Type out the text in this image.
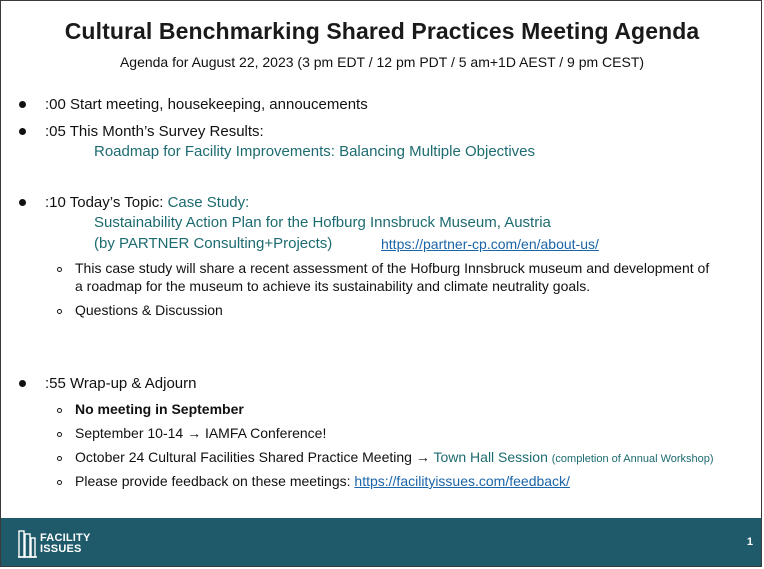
Cultural Benchmarking Shared Practices Meeting Agenda
Agenda for August 22, 2023 (3 pm EDT / 12 pm PDT / 5 am+1D AEST / 9 pm CEST)
:00 Start meeting, housekeeping, annoucements
:05 This Month’s Survey Results:
Roadmap for Facility Improvements: Balancing Multiple Objectives
:10 Today’s Topic: Case Study:
Sustainability Action Plan for the Hofburg Innsbruck Museum, Austria
(by PARTNER Consulting+Projects)	https://partner-cp.com/en/about-us/
This case study will share a recent assessment of the Hofburg Innsbruck museum and development of
a roadmap for the museum to achieve its sustainability and climate neutrality goals.
Questions & Discussion
:55 Wrap-up & Adjourn
No meeting in September
September 10-14 → IAMFA Conference!
October 24 Cultural Facilities Shared Practice Meeting → Town Hall Session (completion of Annual Workshop)
Please provide feedback on these meetings: https://facilityissues.com/feedback/
FACILITY
ISSUES
1
